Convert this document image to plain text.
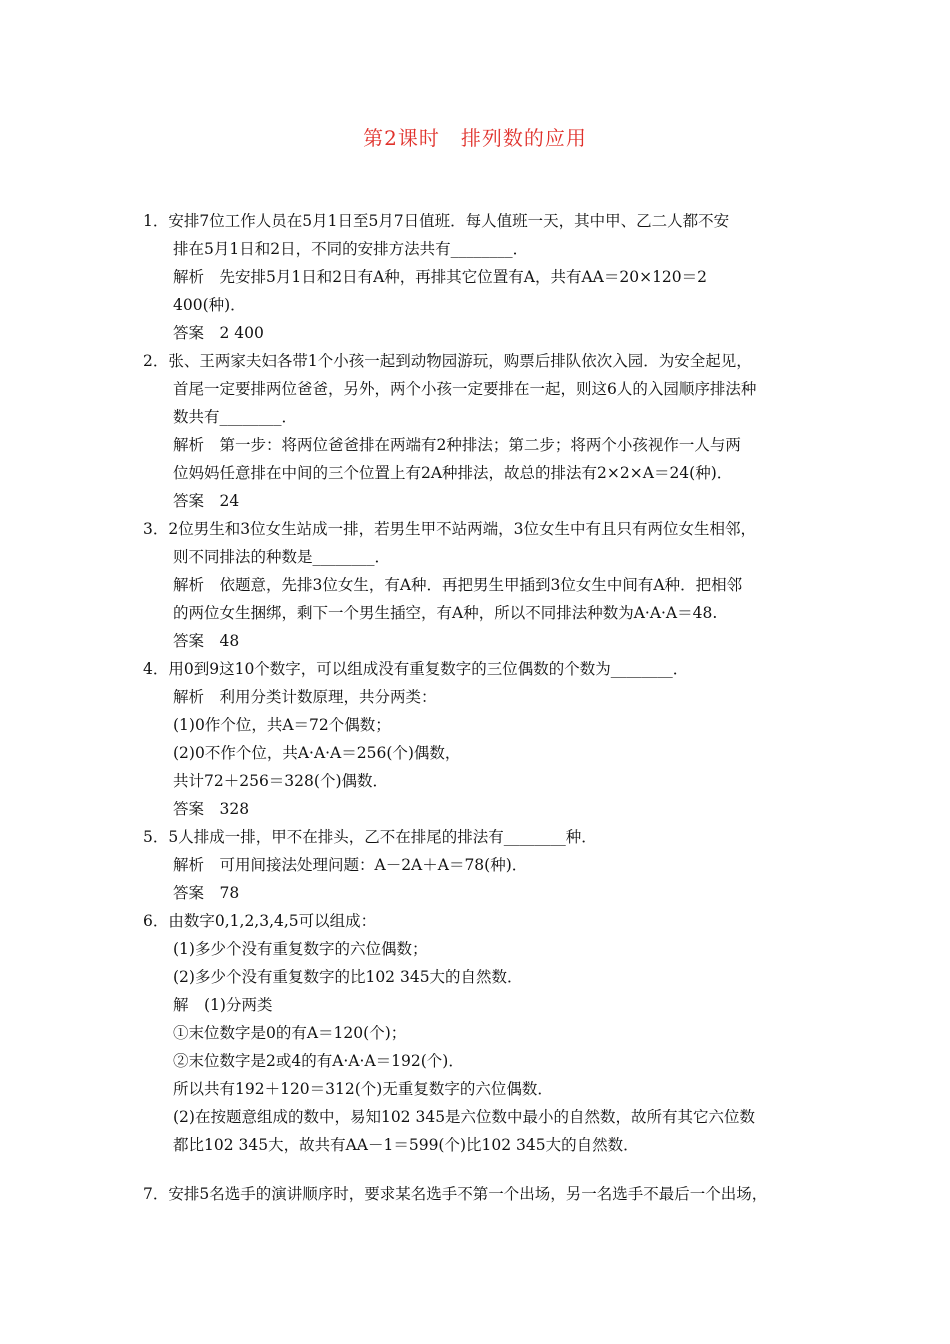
第2课时　排列数的应用
1．安排7位工作人员在5月1日至5月7日值班．每人值班一天，其中甲、乙二人都不安
排在5月1日和2日，不同的安排方法共有________．
解析　先安排5月1日和2日有A种，再排其它位置有A，共有AA＝20×120＝2
400(种)．
答案　2 400
2．张、王两家夫妇各带1个小孩一起到动物园游玩，购票后排队依次入园．为安全起见，
首尾一定要排两位爸爸，另外，两个小孩一定要排在一起，则这6人的入园顺序排法种
数共有________．
解析　第一步：将两位爸爸排在两端有2种排法；第二步；将两个小孩视作一人与两
位妈妈任意排在中间的三个位置上有2A种排法，故总的排法有2×2×A＝24(种)．
答案　24
3．2位男生和3位女生站成一排，若男生甲不站两端，3位女生中有且只有两位女生相邻，
则不同排法的种数是________．
解析　依题意，先排3位女生，有A种．再把男生甲插到3位女生中间有A种．把相邻
的两位女生捆绑，剩下一个男生插空，有A种，所以不同排法种数为A·A·A＝48.
答案　48
4．用0到9这10个数字，可以组成没有重复数字的三位偶数的个数为________．
解析　利用分类计数原理，共分两类：
(1)0作个位，共A＝72个偶数；
(2)0不作个位，共A·A·A＝256(个)偶数，
共计72＋256＝328(个)偶数．
答案　328
5．5人排成一排，甲不在排头，乙不在排尾的排法有________种．
解析　可用间接法处理问题：A－2A＋A＝78(种)．
答案　78
6．由数字0,1,2,3,4,5可以组成：
(1)多少个没有重复数字的六位偶数；
(2)多少个没有重复数字的比102 345大的自然数．
解　(1)分两类
①末位数字是0的有A＝120(个)；
②末位数字是2或4的有A·A·A＝192(个)．
所以共有192＋120＝312(个)无重复数字的六位偶数．
(2)在按题意组成的数中，易知102 345是六位数中最小的自然数，故所有其它六位数
都比102 345大，故共有AA－1＝599(个)比102 345大的自然数．
7．安排5名选手的演讲顺序时，要求某名选手不第一个出场，另一名选手不最后一个出场，
